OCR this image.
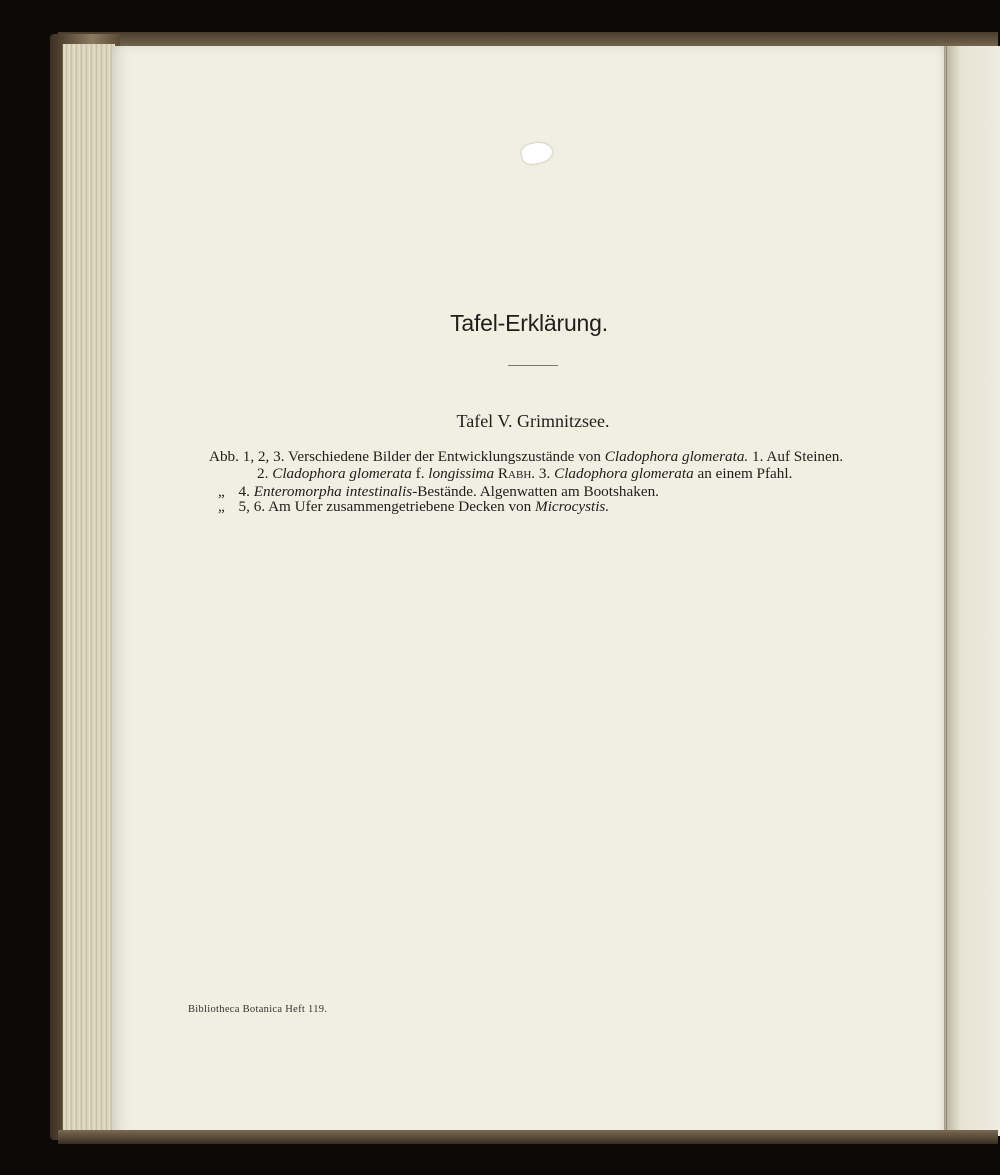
Tafel-Erklärung.
Tafel V. Grimnitzsee.
Abb. 1, 2, 3. Verschiedene Bilder der Entwicklungszustände von Cladophora glomerata. 1. Auf Steinen.
2. Cladophora glomerata f. longissima Rabh. 3. Cladophora glomerata an einem Pfahl.
„ 4. Enteromorpha intestinalis-Bestände. Algenwatten am Bootshaken.
„ 5, 6. Am Ufer zusammengetriebene Decken von Microcystis.
Bibliotheca Botanica Heft 119.
